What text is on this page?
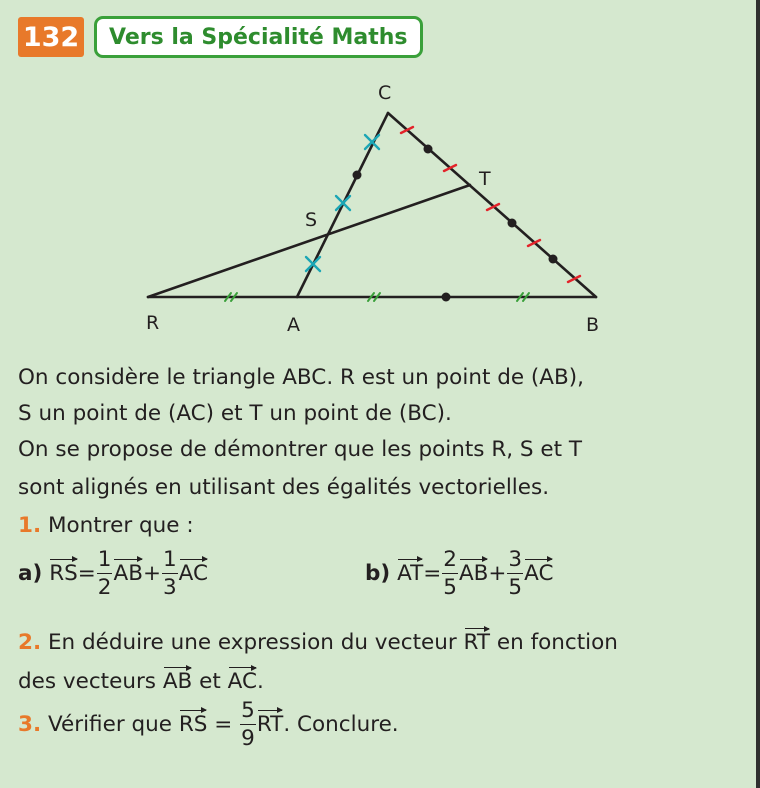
132	Vers la Spécialité Maths
C
T
S
R	A	B
On considère le triangle ABC. R est un point de (AB),
S un point de (AC) et T un point de (BC).
On se propose de démontrer que les points R, S et T
sont alignés en utilisant des égalités vectorielles.
1. Montrer que :
a)
RS = $\frac{1}{2}$ AB + $\frac{1}{3}$ AC	b)
AT = $\frac{2}{5}$ AB + $\frac{3}{5}$ AC
2. En déduire une expression du vecteur RT
en fonction
des vecteurs AB
et AC
.
3. Vérifier que RS = $\frac{5}{9}$ RT . Conclure.
